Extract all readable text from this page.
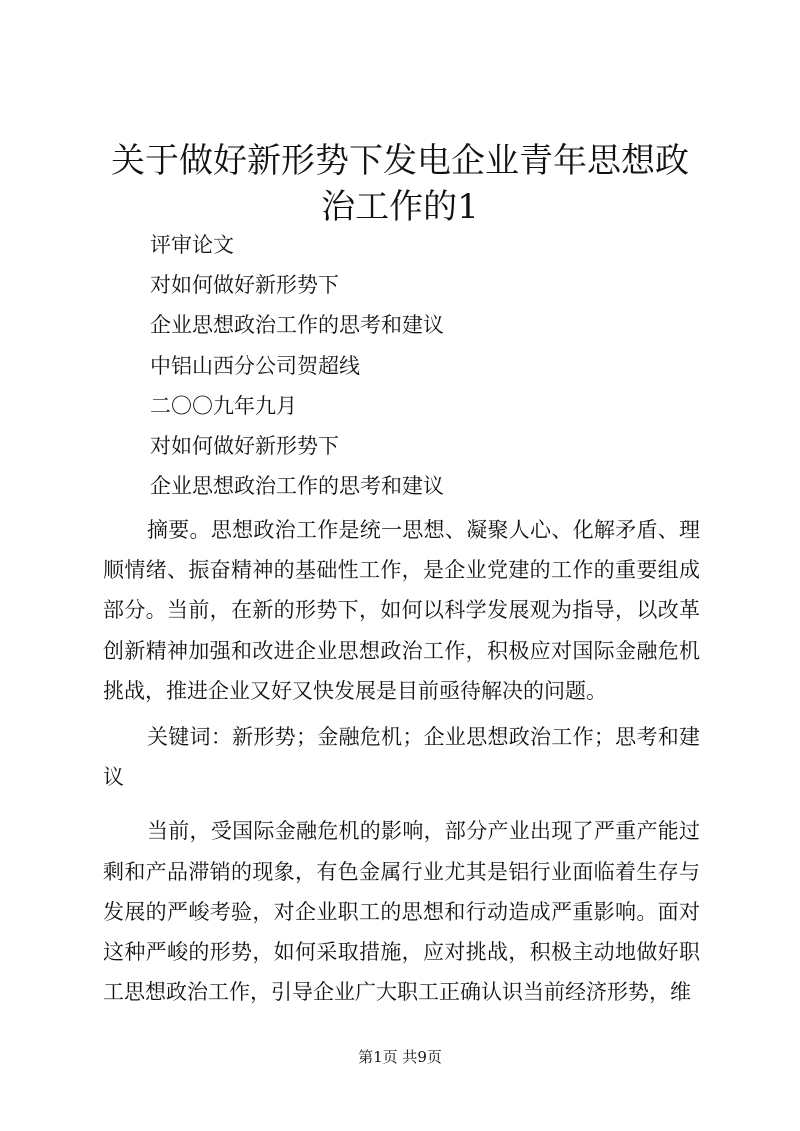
关于做好新形势下发电企业青年思想政治工作的1
评审论文
对如何做好新形势下
企业思想政治工作的思考和建议
中铝山西分公司贺超线
二〇〇九年九月
对如何做好新形势下
企业思想政治工作的思考和建议

摘要。思想政治工作是统一思想、凝聚人心、化解矛盾、理顺情绪、振奋精神的基础性工作，是企业党建的工作的重要组成部分。当前，在新的形势下，如何以科学发展观为指导，以改革创新精神加强和改进企业思想政治工作，积极应对国际金融危机挑战，推进企业又好又快发展是目前亟待解决的问题。

关键词：新形势；金融危机；企业思想政治工作；思考和建议

当前，受国际金融危机的影响，部分产业出现了严重产能过剩和产品滞销的现象，有色金属行业尤其是铝行业面临着生存与发展的严峻考验，对企业职工的思想和行动造成严重影响。面对这种严峻的形势，如何采取措施，应对挑战，积极主动地做好职工思想政治工作，引导企业广大职工正确认识当前经济形势，维

第1页 共9页
